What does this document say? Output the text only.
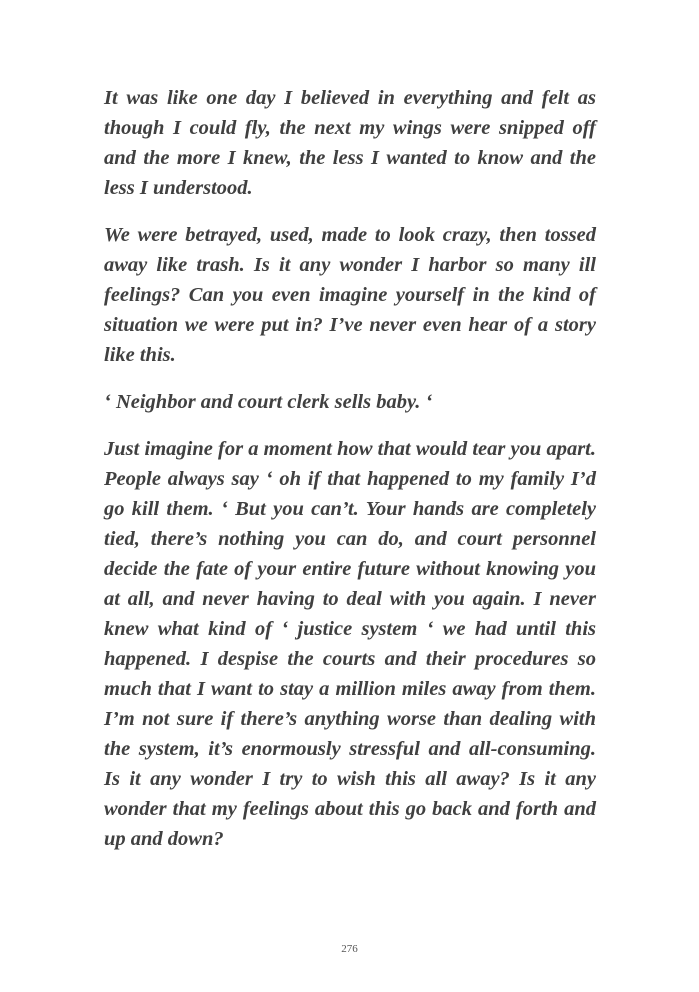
It was like one day I believed in everything and felt as though I could fly, the next my wings were snipped off and the more I knew, the less I wanted to know and the less I understood.

We were betrayed, used, made to look crazy, then tossed away like trash. Is it any wonder I harbor so many ill feelings? Can you even imagine yourself in the kind of situation we were put in? I’ve never even hear of a story like this.

‘ Neighbor and court clerk sells baby. ‘

Just imagine for a moment how that would tear you apart. People always say ‘ oh if that happened to my family I’d go kill them. ‘ But you can’t. Your hands are completely tied, there’s nothing you can do, and court personnel decide the fate of your entire future without knowing you at all, and never having to deal with you again. I never knew what kind of ‘ justice system ‘ we had until this happened. I despise the courts and their procedures so much that I want to stay a million miles away from them. I’m not sure if there’s anything worse than dealing with the system, it’s enormously stressful and all-consuming. Is it any wonder I try to wish this all away? Is it any wonder that my feelings about this go back and forth and up and down?

276
